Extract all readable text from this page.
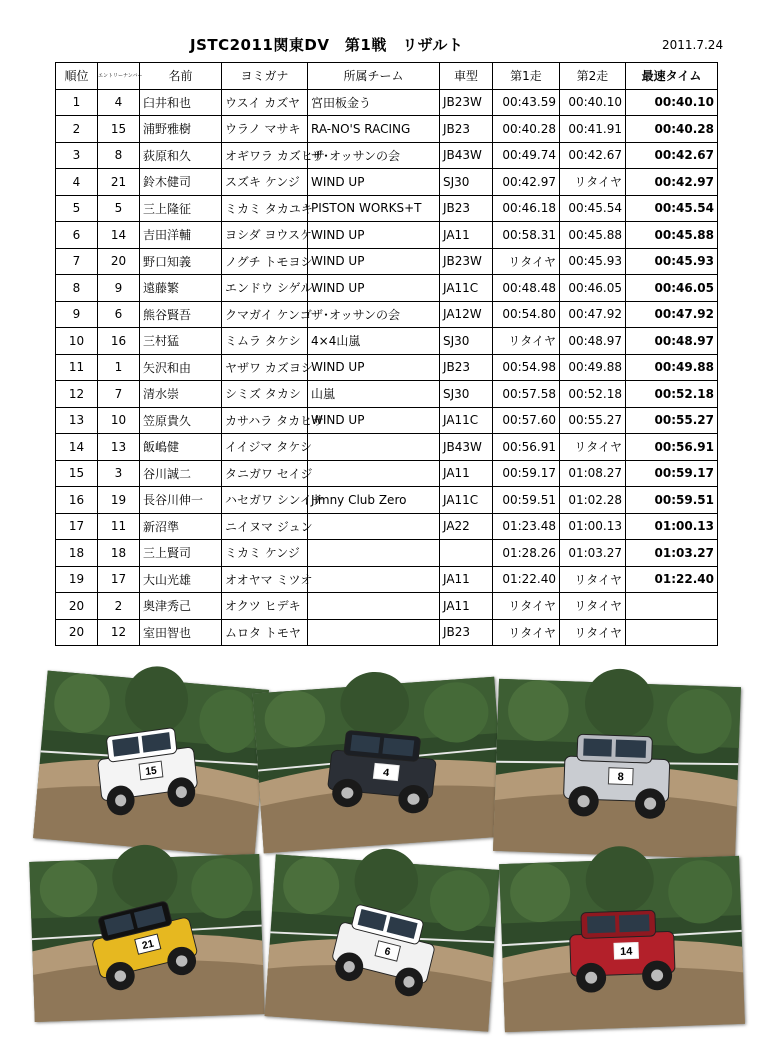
JSTC2011関東DV　第1戦　リザルト	2011.7.24
順位	エントリーナンバー	名前	ヨミガナ	所属チーム	車型	第1走	第2走	最速タイム
1	4	臼井和也	ウスイ カズヤ	宮田板金う	JB23W	00:43.59	00:40.10	00:40.10
2	15	浦野雅樹	ウラノ マサキ	RA-NO'S RACING	JB23	00:40.28	00:41.91	00:40.28
3	8	荻原和久	オギワラ カズヒサ	ザ･オッサンの会	JB43W	00:49.74	00:42.67	00:42.67
4	21	鈴木健司	スズキ ケンジ	WIND UP	SJ30	00:42.97	リタイヤ	00:42.97
5	5	三上隆征	ミカミ タカユキ	PISTON WORKS+T	JB23	00:46.18	00:45.54	00:45.54
6	14	吉田洋輔	ヨシダ ヨウスケ	WIND UP	JA11	00:58.31	00:45.88	00:45.88
7	20	野口知義	ノグチ トモヨシ	WIND UP	JB23W	リタイヤ	00:45.93	00:45.93
8	9	遠藤繁	エンドウ シゲル	WIND UP	JA11C	00:48.48	00:46.05	00:46.05
9	6	熊谷賢吾	クマガイ ケンゴ	ザ･オッサンの会	JA12W	00:54.80	00:47.92	00:47.92
10	16	三村猛	ミムラ タケシ	4×4山嵐	SJ30	リタイヤ	00:48.97	00:48.97
11	1	矢沢和由	ヤザワ カズヨシ	WIND UP	JB23	00:54.98	00:49.88	00:49.88
12	7	清水崇	シミズ タカシ	山嵐	SJ30	00:57.58	00:52.18	00:52.18
13	10	笠原貴久	カサハラ タカヒサ	WIND UP	JA11C	00:57.60	00:55.27	00:55.27
14	13	飯嶋健	イイジマ タケシ		JB43W	00:56.91	リタイヤ	00:56.91
15	3	谷川誠二	タニガワ セイジ		JA11	00:59.17	01:08.27	00:59.17
16	19	長谷川伸一	ハセガワ シンイチ	Jimny Club Zero	JA11C	00:59.51	01:02.28	00:59.51
17	11	新沼準	ニイヌマ ジュン		JA22	01:23.48	01:00.13	01:00.13
18	18	三上賢司	ミカミ ケンジ			01:28.26	01:03.27	01:03.27
19	17	大山光雄	オオヤマ ミツオ		JA11	01:22.40	リタイヤ	01:22.40
20	2	奥津秀己	オクツ ヒデキ		JA11	リタイヤ	リタイヤ	
20	12	室田智也	ムロタ トモヤ		JB23	リタイヤ	リタイヤ	
15	4	8
21
6	14
